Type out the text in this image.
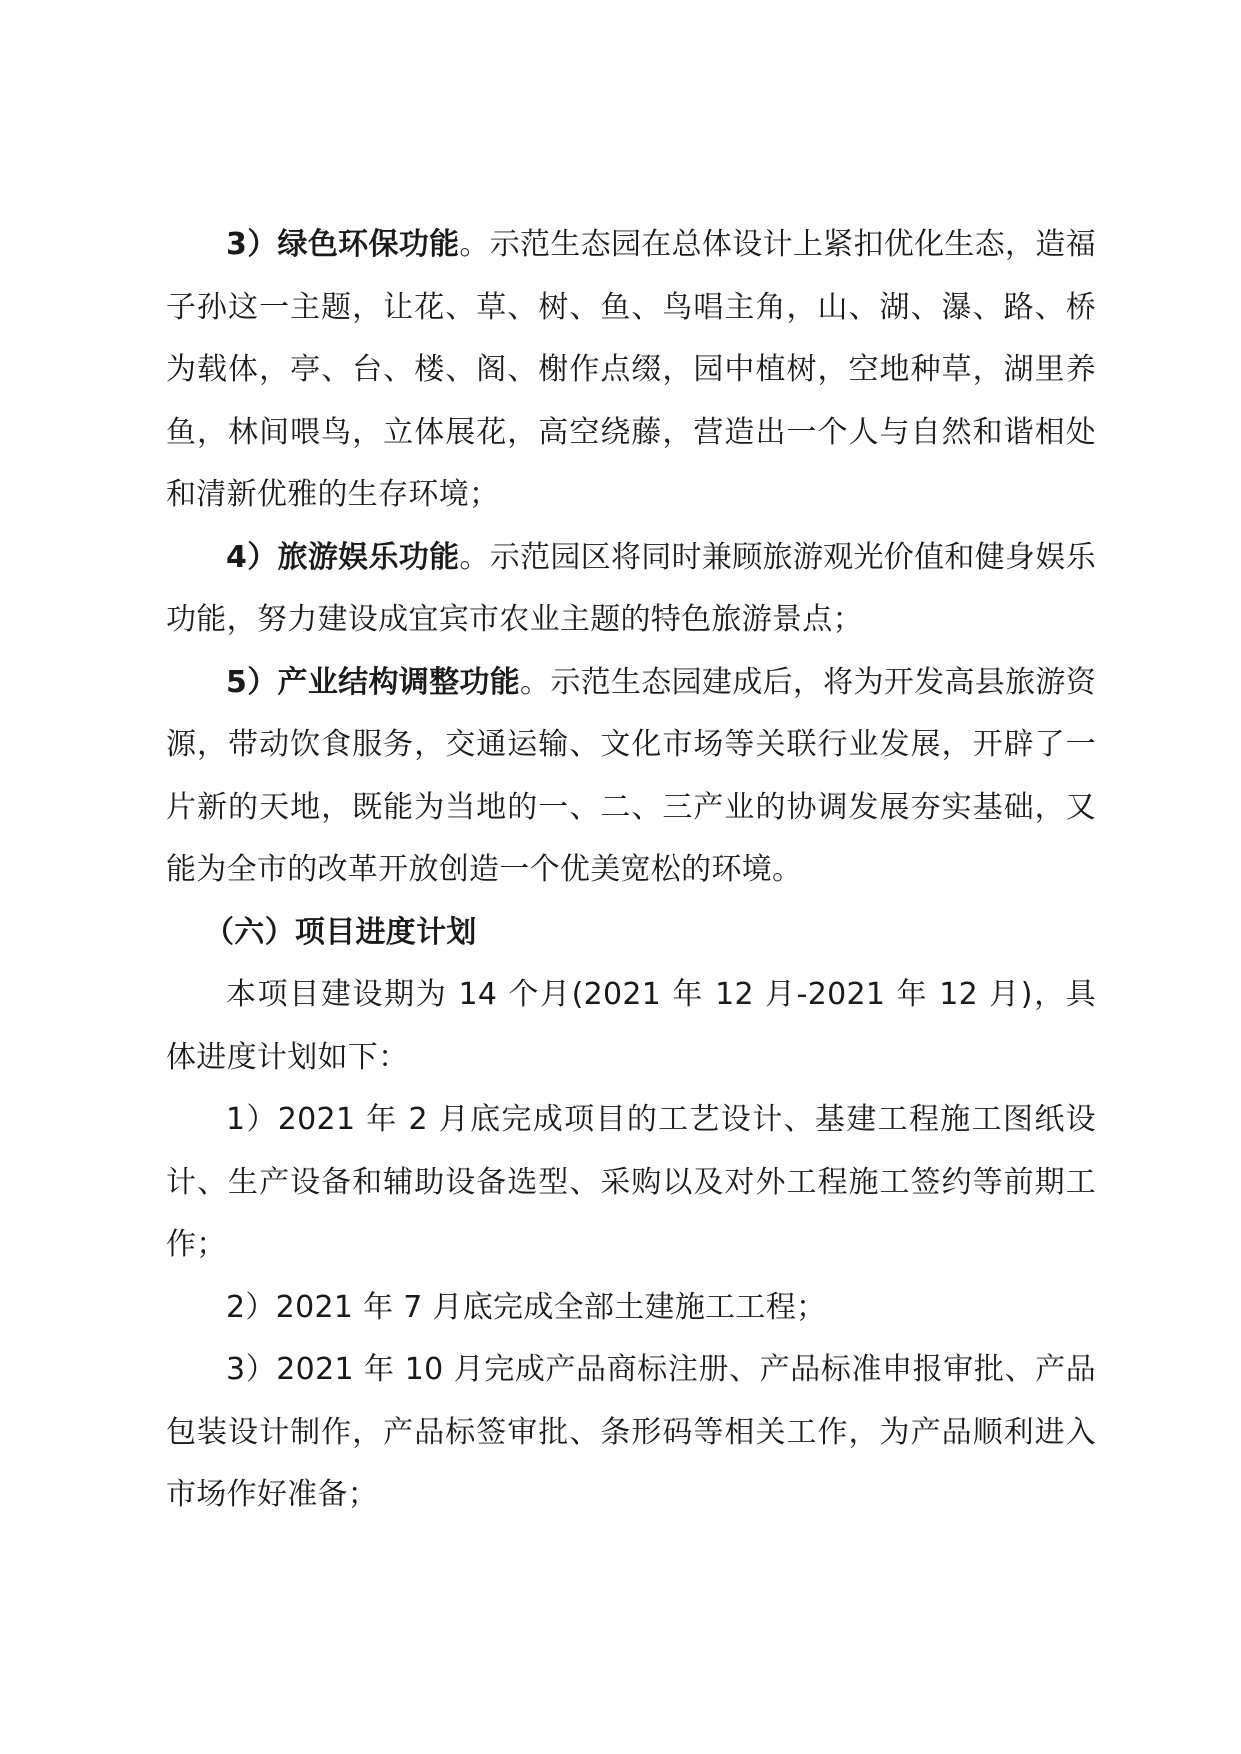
3）绿色环保功能。示范生态园在总体设计上紧扣优化生态，造福子孙这一主题，让花、草、树、鱼、鸟唱主角，山、湖、瀑、路、桥为载体，亭、台、楼、阁、榭作点缀，园中植树，空地种草，湖里养鱼，林间喂鸟，立体展花，高空绕藤，营造出一个人与自然和谐相处和清新优雅的生存环境；

4）旅游娱乐功能。示范园区将同时兼顾旅游观光价值和健身娱乐功能，努力建设成宜宾市农业主题的特色旅游景点；

5）产业结构调整功能。示范生态园建成后，将为开发高县旅游资源，带动饮食服务，交通运输、文化市场等关联行业发展，开辟了一片新的天地，既能为当地的一、二、三产业的协调发展夯实基础，又能为全市的改革开放创造一个优美宽松的环境。

（六）项目进度计划

本项目建设期为 14 个月(2021 年 12 月-2021 年 12 月)，具体进度计划如下：

1）2021 年 2 月底完成项目的工艺设计、基建工程施工图纸设计、生产设备和辅助设备选型、采购以及对外工程施工签约等前期工作；

2）2021 年 7 月底完成全部土建施工工程；

3）2021 年 10 月完成产品商标注册、产品标准申报审批、产品包装设计制作，产品标签审批、条形码等相关工作，为产品顺利进入市场作好准备；
